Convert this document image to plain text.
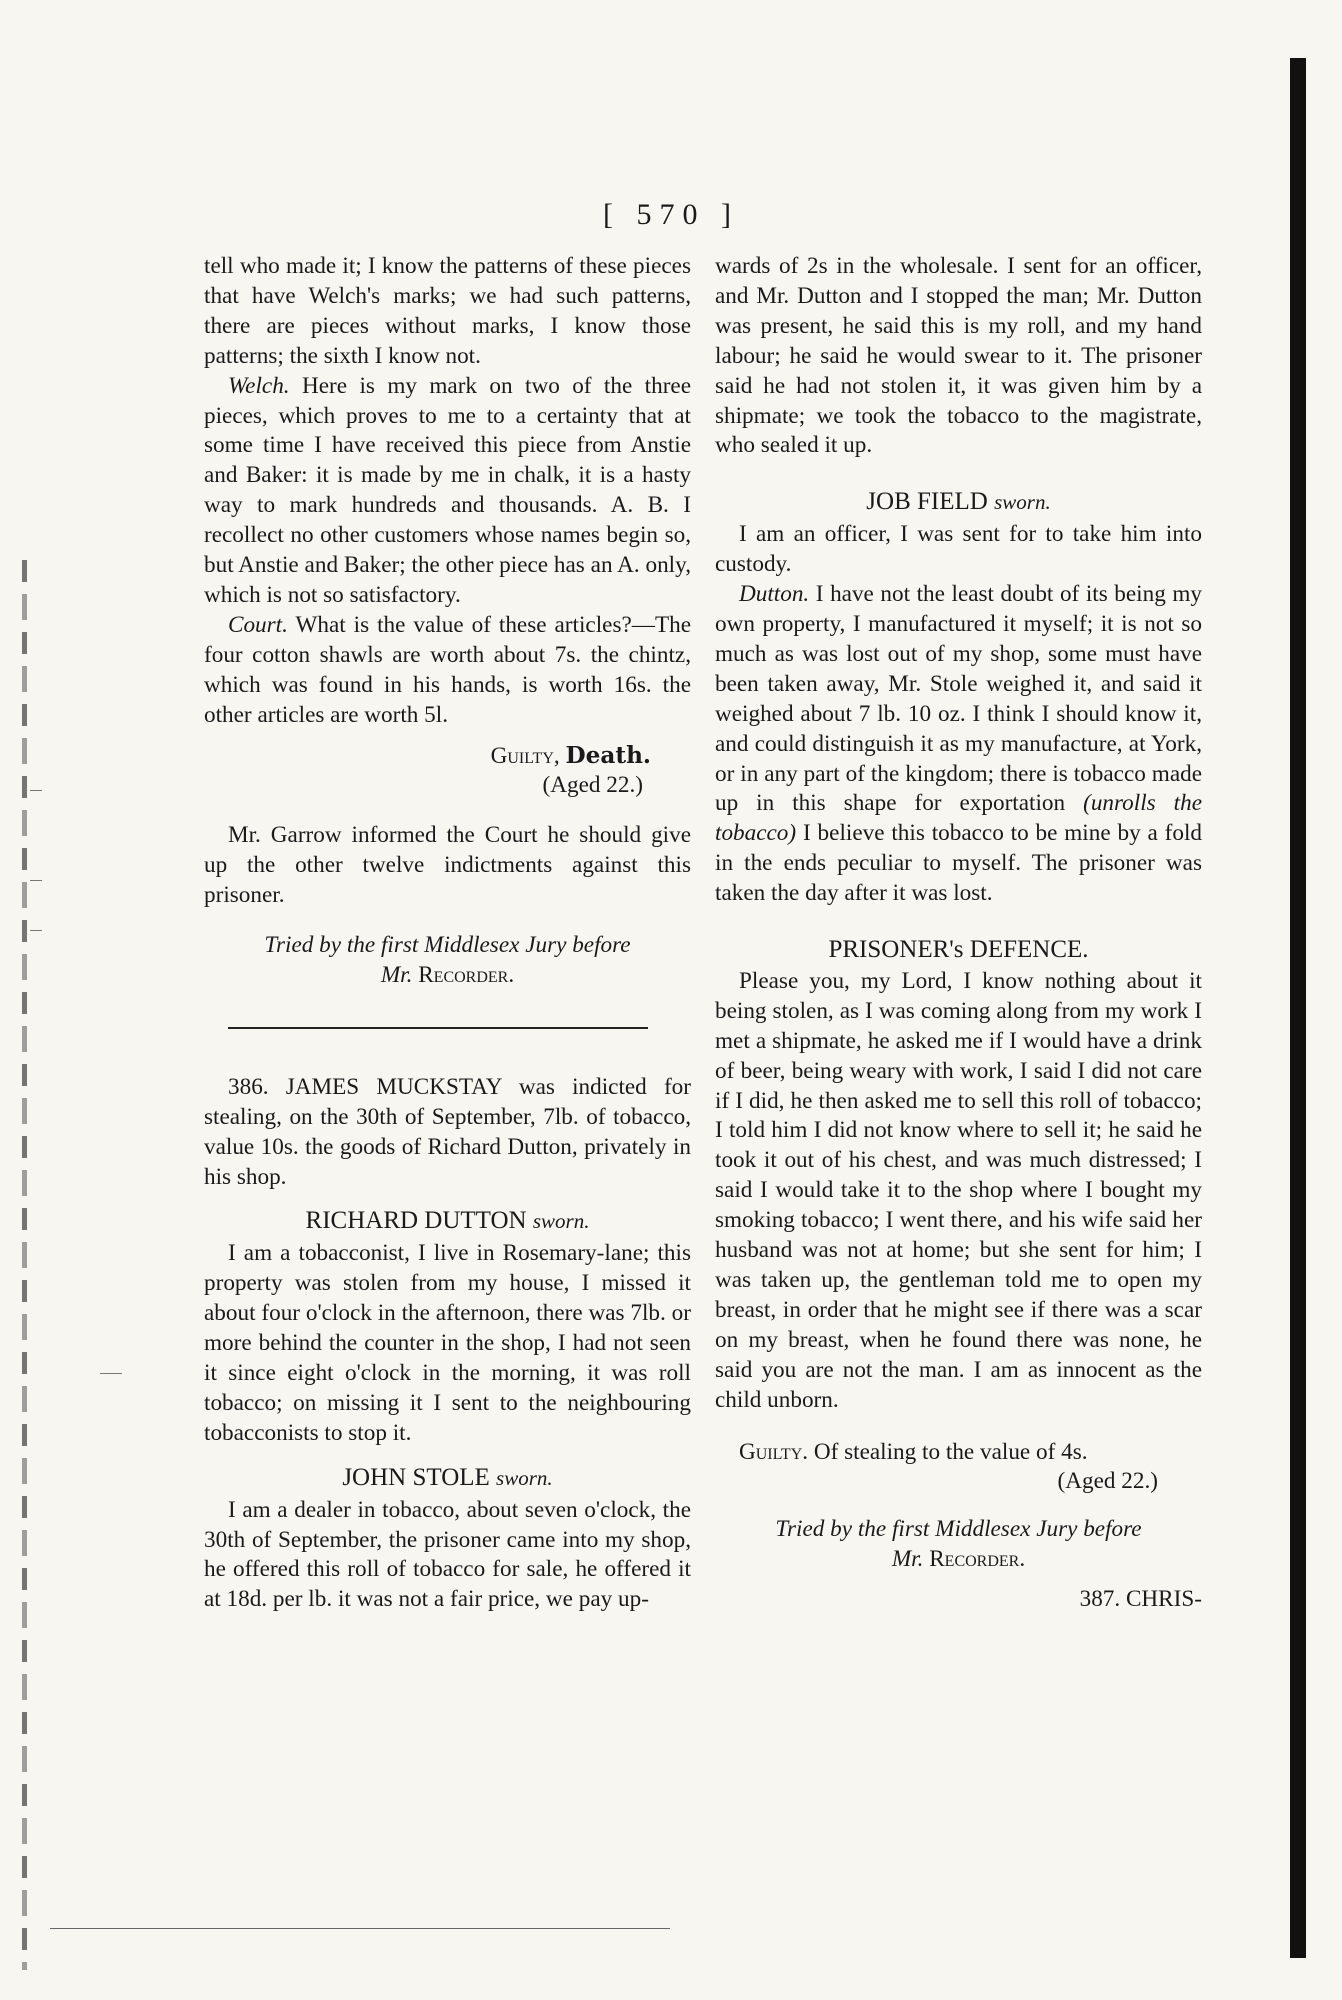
[ 570 ]

tell who made it; I know the patterns of these pieces that have Welch's marks; we had such patterns, there are pieces without marks, I know those patterns; the sixth I know not.

Welch. Here is my mark on two of the three pieces, which proves to me to a certainty that at some time I have received this piece from Anstie and Baker: it is made by me in chalk, it is a hasty way to mark hundreds and thousands. A. B. I recollect no other customers whose names begin so, but Anstie and Baker; the other piece has an A. only, which is not so satisfactory.

Court. What is the value of these articles?—The four cotton shawls are worth about 7s. the chintz, which was found in his hands, is worth 16s. the other articles are worth 5l.

Guilty, Death.

(Aged 22.)

Mr. Garrow informed the Court he should give up the other twelve indictments against this prisoner.

Tried by the first Middlesex Jury before

Mr. Recorder.

386. JAMES MUCKSTAY was indicted for stealing, on the 30th of September, 7lb. of tobacco, value 10s. the goods of Richard Dutton, privately in his shop.

RICHARD DUTTON sworn.

I am a tobacconist, I live in Rosemary-lane; this property was stolen from my house, I missed it about four o'clock in the afternoon, there was 7lb. or more behind the counter in the shop, I had not seen it since eight o'clock in the morning, it was roll tobacco; on missing it I sent to the neighbouring tobacconists to stop it.

JOHN STOLE sworn.

I am a dealer in tobacco, about seven o'clock, the 30th of September, the prisoner came into my shop, he offered this roll of tobacco for sale, he offered it at 18d. per lb. it was not a fair price, we pay up-

wards of 2s in the wholesale. I sent for an officer, and Mr. Dutton and I stopped the man; Mr. Dutton was present, he said this is my roll, and my hand labour; he said he would swear to it. The prisoner said he had not stolen it, it was given him by a shipmate; we took the tobacco to the magistrate, who sealed it up.

JOB FIELD sworn.

I am an officer, I was sent for to take him into custody.

Dutton. I have not the least doubt of its being my own property, I manufactured it myself; it is not so much as was lost out of my shop, some must have been taken away, Mr. Stole weighed it, and said it weighed about 7 lb. 10 oz. I think I should know it, and could distinguish it as my manufacture, at York, or in any part of the kingdom; there is tobacco made up in this shape for exportation (unrolls the tobacco) I believe this tobacco to be mine by a fold in the ends peculiar to myself. The prisoner was taken the day after it was lost.

PRISONER's DEFENCE.

Please you, my Lord, I know nothing about it being stolen, as I was coming along from my work I met a shipmate, he asked me if I would have a drink of beer, being weary with work, I said I did not care if I did, he then asked me to sell this roll of tobacco; I told him I did not know where to sell it; he said he took it out of his chest, and was much distressed; I said I would take it to the shop where I bought my smoking tobacco; I went there, and his wife said her husband was not at home; but she sent for him; I was taken up, the gentleman told me to open my breast, in order that he might see if there was a scar on my breast, when he found there was none, he said you are not the man. I am as innocent as the child unborn.

Guilty. Of stealing to the value of 4s.

(Aged 22.)

Tried by the first Middlesex Jury before

Mr. Recorder.

387. CHRIS-
